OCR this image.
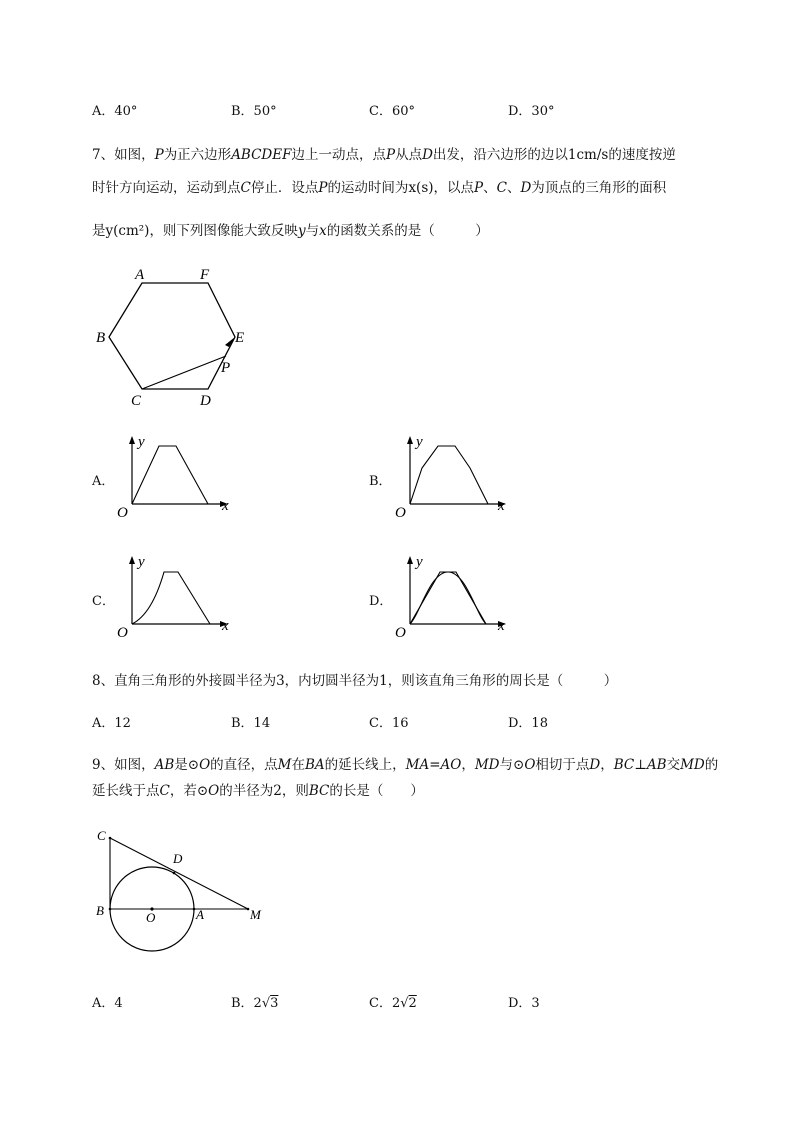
A．40°	B．50°	C．60°	D．30°
7、如图，P为正六边形ABCDEF边上一动点，点P从点D出发，沿六边形的边以1cm/s的速度按逆
时针方向运动，运动到点C停止．设点P的运动时间为x(s)，以点P、C、D为顶点的三角形的面积
是y(cm²)，则下列图像能大致反映y与x的函数关系的是（　　　）
A	F
B	E
P
C	D
A．
y
x
O
B．
y
x
O
C．
y
x
O
D．
y
x
O
8、直角三角形的外接圆半径为3，内切圆半径为1，则该直角三角形的周长是（　　　）
A．12	B．14	C．16	D．18
9、如图，AB是⊙O的直径，点M在BA的延长线上，MA=AO，MD与⊙O相切于点D，BC⊥AB交MD的
延长线于点C，若⊙O的半径为2，则BC的长是（　　）
C
D
B	O	A	M
A．4	B．2√3	C．2√2	D．3
